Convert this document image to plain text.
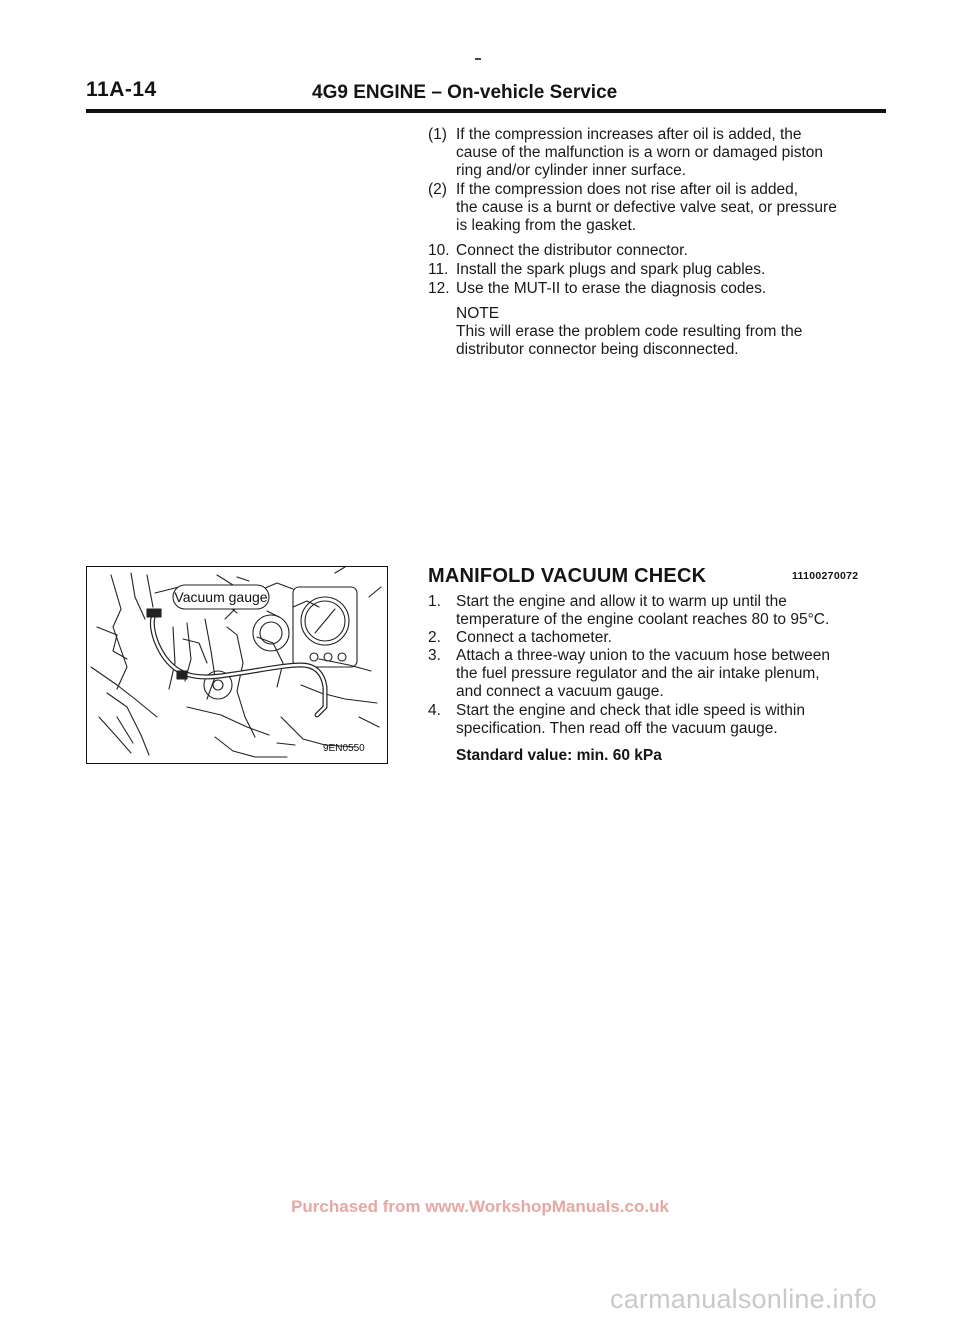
11A-14	4G9 ENGINE – On-vehicle Service
(1) If the compression increases after oil is added, the
cause of the malfunction is a worn or damaged piston
ring and/or cylinder inner surface.
(2) If the compression does not rise after oil is added,
the cause is a burnt or defective valve seat, or pressure
is leaking from the gasket.
10. Connect the distributor connector.
11. Install the spark plugs and spark plug cables.
12. Use the MUT-II to erase the diagnosis codes.
NOTE
This will erase the problem code resulting from the
distributor connector being disconnected.
Vacuum gauge
9EN0550
MANIFOLD VACUUM CHECK	11100270072
1. Start the engine and allow it to warm up until the
temperature of the engine coolant reaches 80 to 95°C.
2. Connect a tachometer.
3. Attach a three-way union to the vacuum hose between
the fuel pressure regulator and the air intake plenum,
and connect a vacuum gauge.
4. Start the engine and check that idle speed is within
specification. Then read off the vacuum gauge.
Standard value: min. 60 kPa
Purchased from www.WorkshopManuals.co.uk
carmanualsonline.info
